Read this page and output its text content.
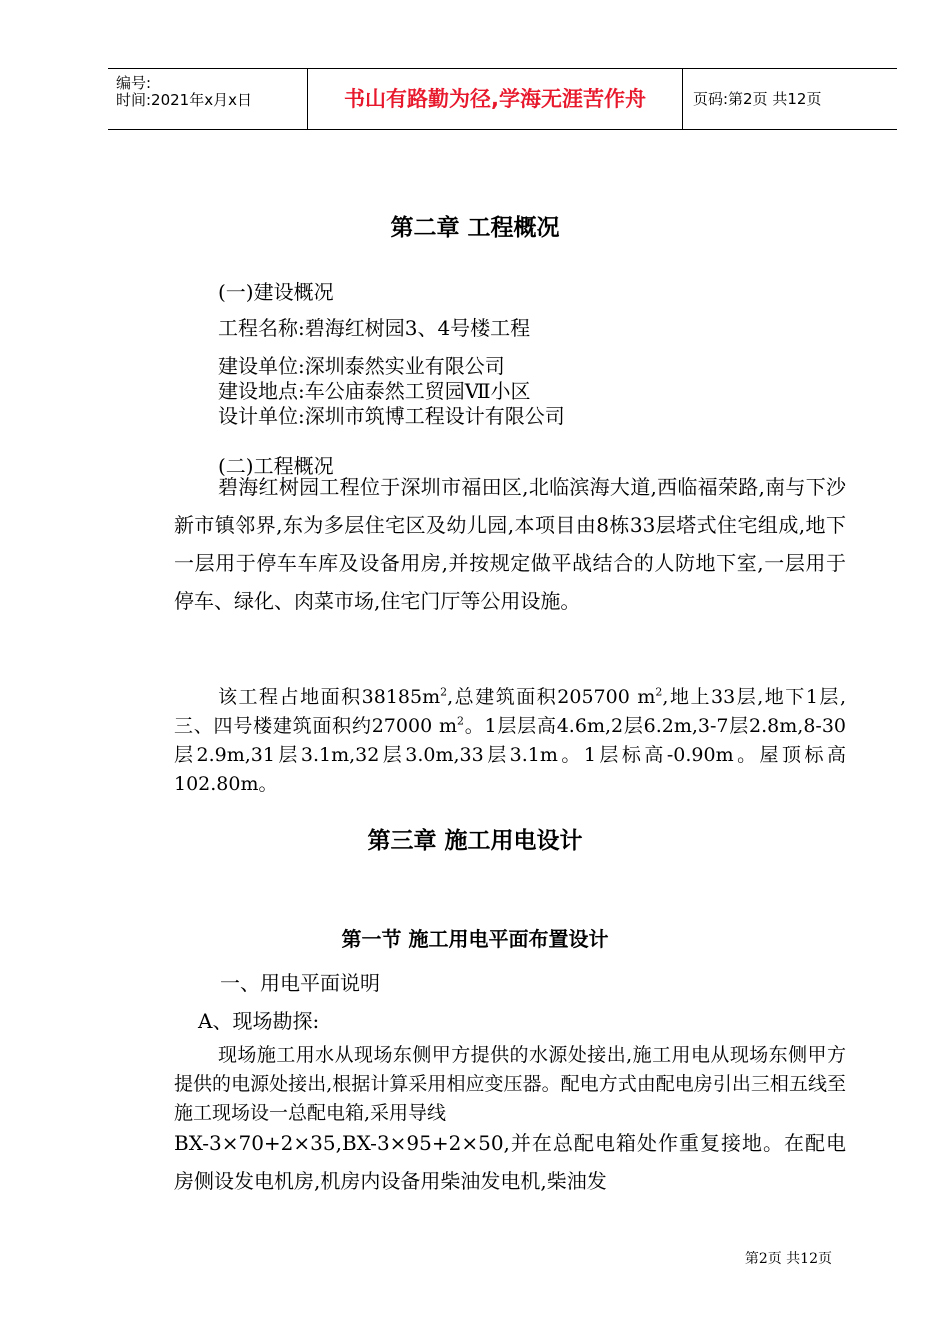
编号:
时间:2021年x月x日	书山有路勤为径,学海无涯苦作舟	页码:第2页 共12页
第二章 工程概况
(一)建设概况
工程名称:碧海红树园3、4号楼工程
建设单位:深圳泰然实业有限公司
建设地点:车公庙泰然工贸园Ⅶ小区
设计单位:深圳市筑博工程设计有限公司
(二)工程概况
碧海红树园工程位于深圳市福田区,北临滨海大道,西临福荣路,南与下沙新市镇邻界,东为多层住宅区及幼儿园,本项目由8栋33层塔式住宅组成,地下一层用于停车车库及设备用房,并按规定做平战结合的人防地下室,一层用于停车、绿化、肉菜市场,住宅门厅等公用设施。
该工程占地面积$38185m^2$,总建筑面积205700 $m^2$,地上33层,地下1层, 三、四号楼建筑面积约27000 $m^2$。1层层高4.6m,2层6.2m,3-7层2.8m,8-30层2.9m,31层3.1m,32层3.0m,33层3.1m。1层标高-0.90m。屋顶标高102.80m。
第三章 施工用电设计
第一节 施工用电平面布置设计
一、用电平面说明
A、现场勘探:
现场施工用水从现场东侧甲方提供的水源处接出,施工用电从现场东侧甲方提供的电源处接出,根据计算采用相应变压器。配电方式由配电房引出三相五线至施工现场设一总配电箱,采用导线
BX-3×70+2×35,BX-3×95+2×50,并在总配电箱处作重复接地。在配电房侧设发电机房,机房内设备用柴油发电机,柴油发
第2页 共12页
